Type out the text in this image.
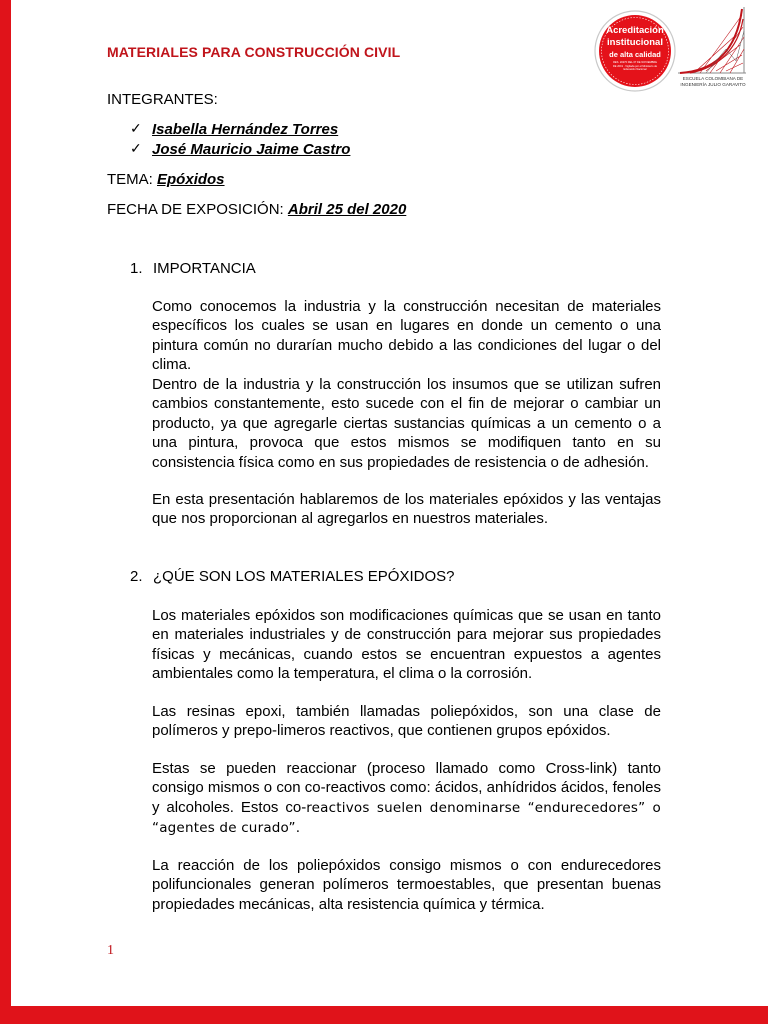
MATERIALES PARA CONSTRUCCIÓN CIVIL
Acreditación
institucional
de alta calidad
RES. 20270 DEL 07 DE NOVIEMBRE DE 2019 · Vigilada por el Ministerio de Educación Nacional
ESCUELA COLOMBIANA DE INGENIERÍA JULIO GARAVITO
INTEGRANTES:
✓ Isabella Hernández Torres
✓ José Mauricio Jaime Castro
TEMA: Epóxidos
FECHA DE EXPOSICIÓN: Abril 25 del 2020
1. IMPORTANCIA

Como conocemos la industria y la construcción necesitan de materiales específicos los cuales se usan en lugares en donde un cemento o una pintura común no durarían mucho debido a las condiciones del lugar o del clima.

Dentro de la industria y la construcción los insumos que se utilizan sufren cambios constantemente, esto sucede con el fin de mejorar o cambiar un producto, ya que agregarle ciertas sustancias químicas a un cemento o a una pintura, provoca que estos mismos se modifiquen tanto en su consistencia física como en sus propiedades de resistencia o de adhesión.

En esta presentación hablaremos de los materiales epóxidos y las ventajas que nos proporcionan al agregarlos en nuestros materiales.

2. ¿QÚE SON LOS MATERIALES EPÓXIDOS?

Los materiales epóxidos son modificaciones químicas que se usan en tanto en materiales industriales y de construcción para mejorar sus propiedades físicas y mecánicas, cuando estos se encuentran expuestos a agentes ambientales como la temperatura, el clima o la corrosión.

Las resinas epoxi, también llamadas poliepóxidos, son una clase de polímeros y prepo-limeros reactivos, que contienen grupos epóxidos.

Estas se pueden reaccionar (proceso llamado como Cross-link) tanto consigo mismos o con co-reactivos como: ácidos, anhídridos ácidos, fenoles y alcoholes. Estos co-reactivos suelen denominarse “endurecedores” o “agentes de curado”.

La reacción de los poliepóxidos consigo mismos o con endurecedores polifuncionales generan polímeros termoestables, que presentan buenas propiedades mecánicas, alta resistencia química y térmica.

1
